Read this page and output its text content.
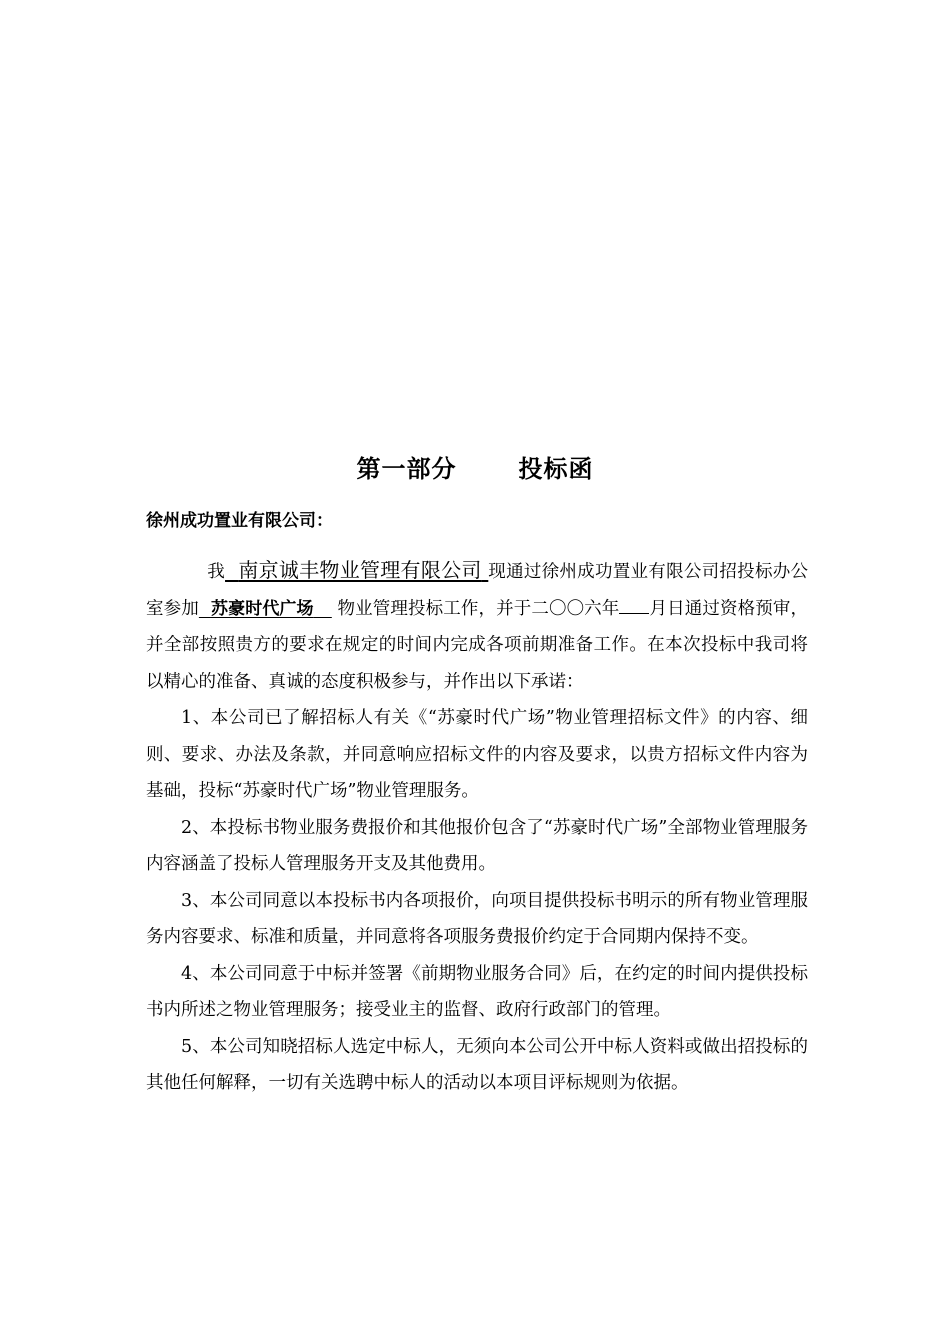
第一部分	投标函
徐州成功置业有限公司：

我 南京诚丰物业管理有限公司 现通过徐州成功置业有限公司招投标办公室参加 苏豪时代广场 物业管理投标工作，并于二〇〇六年 月日通过资格预审，并全部按照贵方的要求在规定的时间内完成各项前期准备工作。在本次投标中我司将以精心的准备、真诚的态度积极参与，并作出以下承诺：

1、本公司已了解招标人有关《“苏豪时代广场”物业管理招标文件》的内容、细则、要求、办法及条款，并同意响应招标文件的内容及要求，以贵方招标文件内容为基础，投标“苏豪时代广场”物业管理服务。

2、本投标书物业服务费报价和其他报价包含了“苏豪时代广场”全部物业管理服务内容涵盖了投标人管理服务开支及其他费用。

3、本公司同意以本投标书内各项报价，向项目提供投标书明示的所有物业管理服务内容要求、标准和质量，并同意将各项服务费报价约定于合同期内保持不变。

4、本公司同意于中标并签署《前期物业服务合同》后，在约定的时间内提供投标书内所述之物业管理服务；接受业主的监督、政府行政部门的管理。

5、本公司知晓招标人选定中标人，无须向本公司公开中标人资料或做出招投标的其他任何解释，一切有关选聘中标人的活动以本项目评标规则为依据。
